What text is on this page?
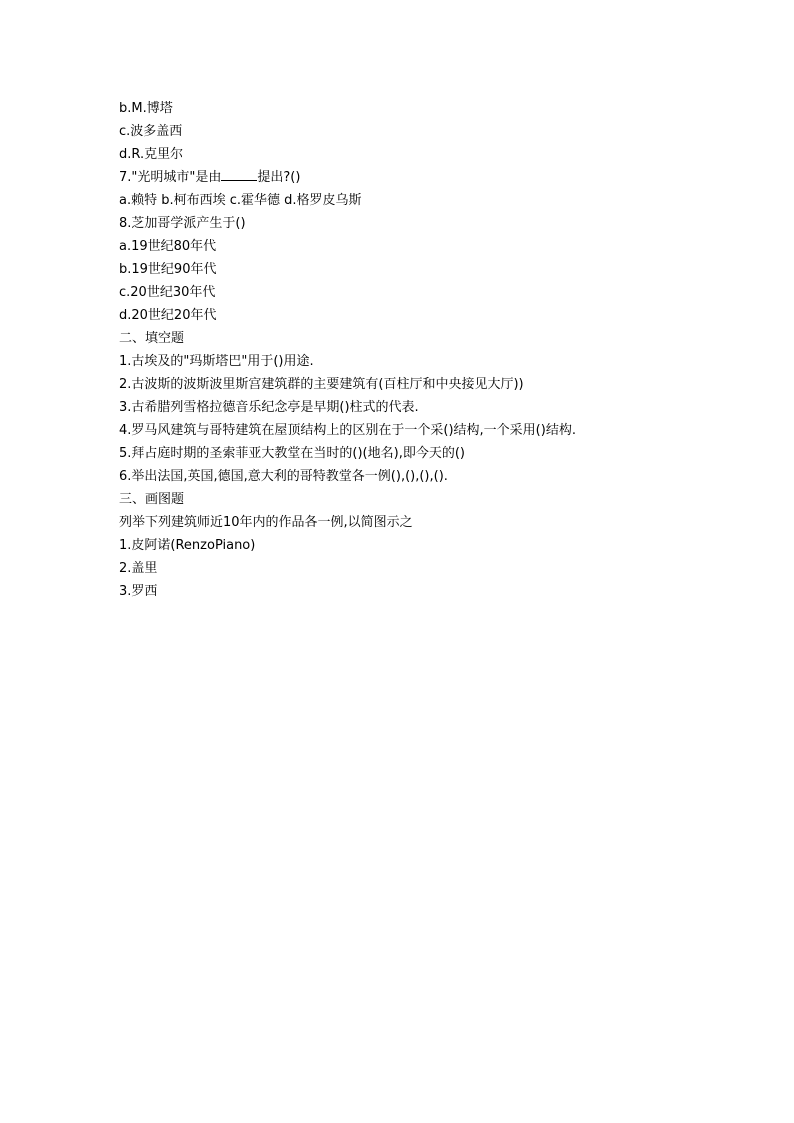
b.M.博塔
c.波多盖西
d.R.克里尔
7."光明城市"是由	提出?()
a.赖特 b.柯布西埃 c.霍华德 d.格罗皮乌斯
8.芝加哥学派产生于()
a.19世纪80年代
b.19世纪90年代
c.20世纪30年代
d.20世纪20年代
二、填空题
1.古埃及的"玛斯塔巴"用于()用途.
2.古波斯的波斯波里斯宫建筑群的主要建筑有(百柱厅和中央接见大厅))
3.古希腊列雪格拉德音乐纪念亭是早期()柱式的代表.
4.罗马风建筑与哥特建筑在屋顶结构上的区别在于一个采()结构,一个采用()结构.
5.拜占庭时期的圣索菲亚大教堂在当时的()(地名),即今天的()
6.举出法国,英国,德国,意大利的哥特教堂各一例(),(),(),().
三、画图题
列举下列建筑师近10年内的作品各一例,以简图示之
1.皮阿诺(RenzoPiano)
2.盖里
3.罗西
